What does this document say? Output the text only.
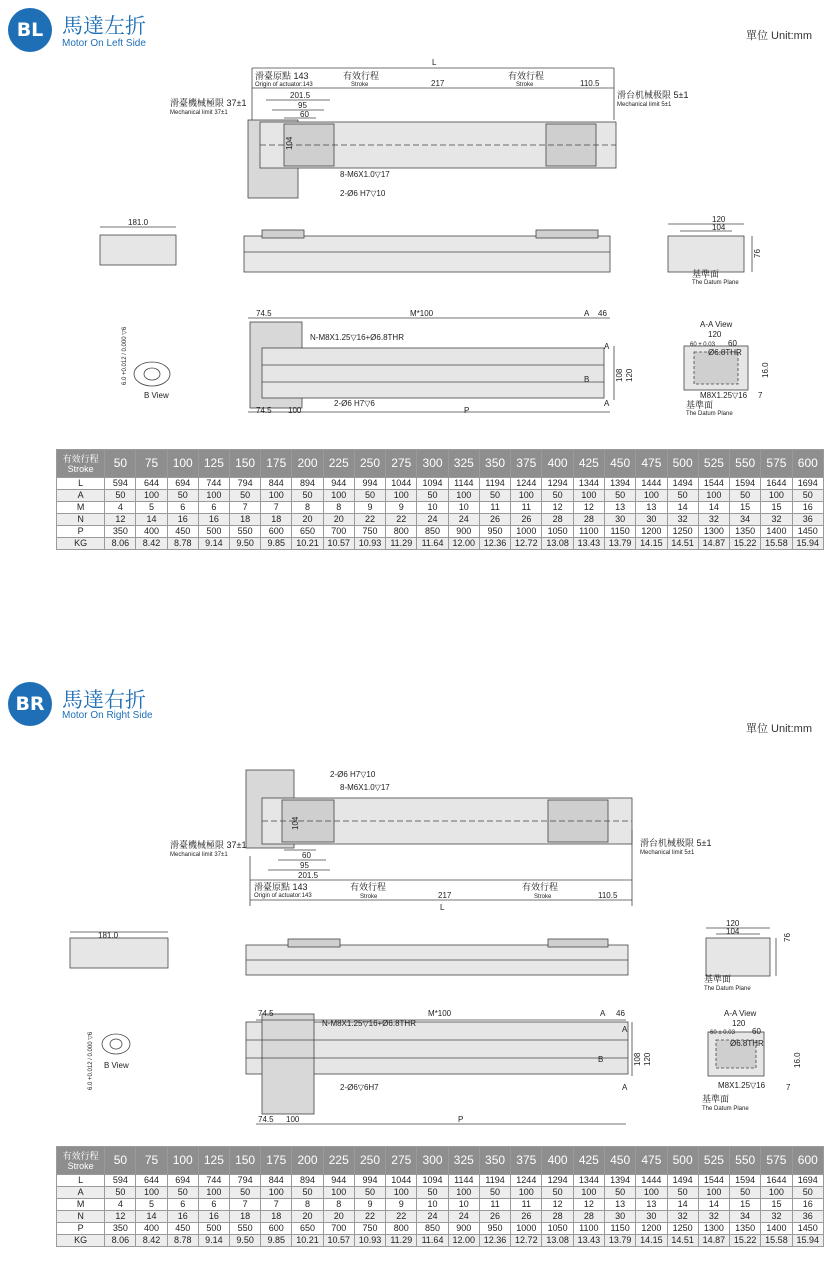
BL 馬達左折
Motor On Left Side
單位 Unit:mm
L
滑臺原點 143
Origin of actuator:143
有效行程
Stroke	217
有效行程
Stroke	110.5
滑臺機械極限 37±1
Mechanical limit 37±1
滑台机械极限 5±1
Mechanical limit 5±1
201.5
95
60
104
8-M6X1.0▽17
2-Ø6 H7▽10
181.0	120
104
76
基準面
The Datum Plane
74.5	M*100	A 46
N-M8X1.25▽16+Ø6.8THR
A
B	108 120
A
74.5 100
2-Ø6 H7▽6
P
B View
6.0 +0.012 / 0.000 ▽6
A-A View
120
60 ± 0.03 60
Ø6.8THR
M8X1.25▽16
16.0
7
基準面
The Datum Plane
有效行程
Stroke	50	75	100	125	150	175	200	225	250	275	300	325	350	375	400	425	450	475	500	525	550	575	600
L	594	644	694	744	794	844	894	944	994	1044	1094	1144	1194	1244	1294	1344	1394	1444	1494	1544	1594	1644	1694
A	50	100	50	100	50	100	50	100	50	100	50	100	50	100	50	100	50	100	50	100	50	100	50
M	4	5	6	6	7	7	8	8	9	9	10	10	11	11	12	12	13	13	14	14	15	15	16
N	12	14	16	16	18	18	20	20	22	22	24	24	26	26	28	28	30	30	32	32	34	32	36
P	350	400	450	500	550	600	650	700	750	800	850	900	950	1000	1050	1100	1150	1200	1250	1300	1350	1400	1450
KG	8.06	8.42	8.78	9.14	9.50	9.85	10.21	10.57	10.93	11.29	11.64	12.00	12.36	12.72	13.08	13.43	13.79	14.15	14.51	14.87	15.22	15.58	15.94
BR 馬達右折
Motor On Right Side
單位 Unit:mm
2-Ø6 H7▽10
8-M6X1.0▽17
104
滑臺機械極限 37±1
Mechanical limit 37±1
滑台机械极限 5±1
Mechanical limit 5±1
60
95
201.5
滑臺原點 143
Origin of actuator:143
有效行程
Stroke	217
有效行程
Stroke	110.5
L
181.0
120
104
76
基準面
The Datum Plane
74.5	M*100	A 46
N-M8X1.25▽16+Ø6.8THR
A
B	108 120
A
2-Ø6▽6H7
74.5 100	P
B View
6.0 +0.012 / 0.000 ▽6
A-A View
120
60 ± 0.03 60
Ø6.8THR
M8X1.25▽16
16.0
7
基準面
The Datum Plane
有效行程
Stroke	50	75	100	125	150	175	200	225	250	275	300	325	350	375	400	425	450	475	500	525	550	575	600
L	594	644	694	744	794	844	894	944	994	1044	1094	1144	1194	1244	1294	1344	1394	1444	1494	1544	1594	1644	1694
A	50	100	50	100	50	100	50	100	50	100	50	100	50	100	50	100	50	100	50	100	50	100	50
M	4	5	6	6	7	7	8	8	9	9	10	10	11	11	12	12	13	13	14	14	15	15	16
N	12	14	16	16	18	18	20	20	22	22	24	24	26	26	28	28	30	30	32	32	34	32	36
P	350	400	450	500	550	600	650	700	750	800	850	900	950	1000	1050	1100	1150	1200	1250	1300	1350	1400	1450
KG	8.06	8.42	8.78	9.14	9.50	9.85	10.21	10.57	10.93	11.29	11.64	12.00	12.36	12.72	13.08	13.43	13.79	14.15	14.51	14.87	15.22	15.58	15.94
